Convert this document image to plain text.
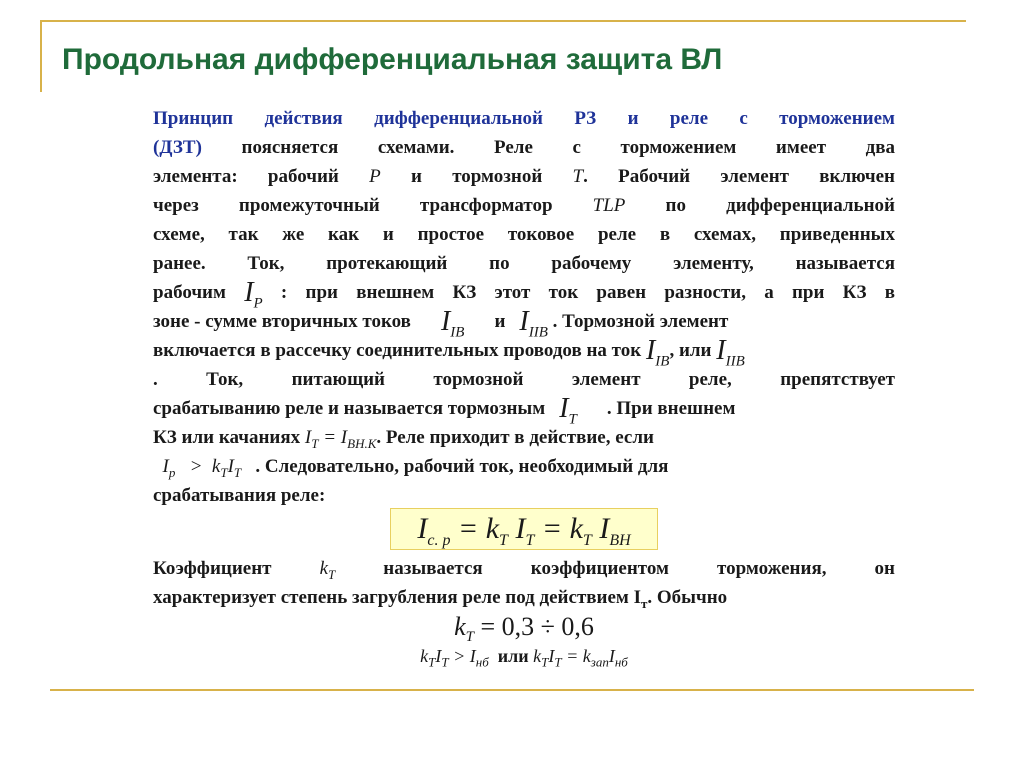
Продольная дифференциальная защита ВЛ
Принцип действия дифференциальной РЗ и реле с торможением
(ДЗТ) поясняется схемами. Реле с торможением имеет два
элемента: рабочий Р и тормозной Т. Рабочий элемент включен
через промежуточный трансформатор TLP по дифференциальной
схеме, так же как и простое токовое реле в схемах, приведенных
ранее. Ток, протекающий по рабочему элементу, называется
рабочим $I_P$ : при внешнем КЗ этот ток равен разности, а при КЗ в
зоне - сумме вторичных токов $I_{IB}и$ $I_{IIB}$ . Тормозной элемент
включается в рассечку соединительных проводов на ток $I_{IB}$, или $I_{IIB}$
. Ток, питающий тормозной элемент реле, препятствует
срабатыванию реле и называется тормозным $I_T$. При внешнем
КЗ или качаниях $I_T = I_{ВН.К}$. Реле приходит в действие, если
$I_р > k_TI_T$ . Следовательно, рабочий ток, необходимый для
срабатывания реле:
$I_{с. р} = k_T$ $I_T = k_T$ $I_{ВН}$
Коэффициент $k_T$ называется коэффициентом торможения, он
характеризует степень загрубления реле под действием $I_т$. Обычно
$k_T = 0,3 \div 0,6$
$k_TI_T > I_{нб}$ или $k_TI_T = k_{зап}I_{нб}$
